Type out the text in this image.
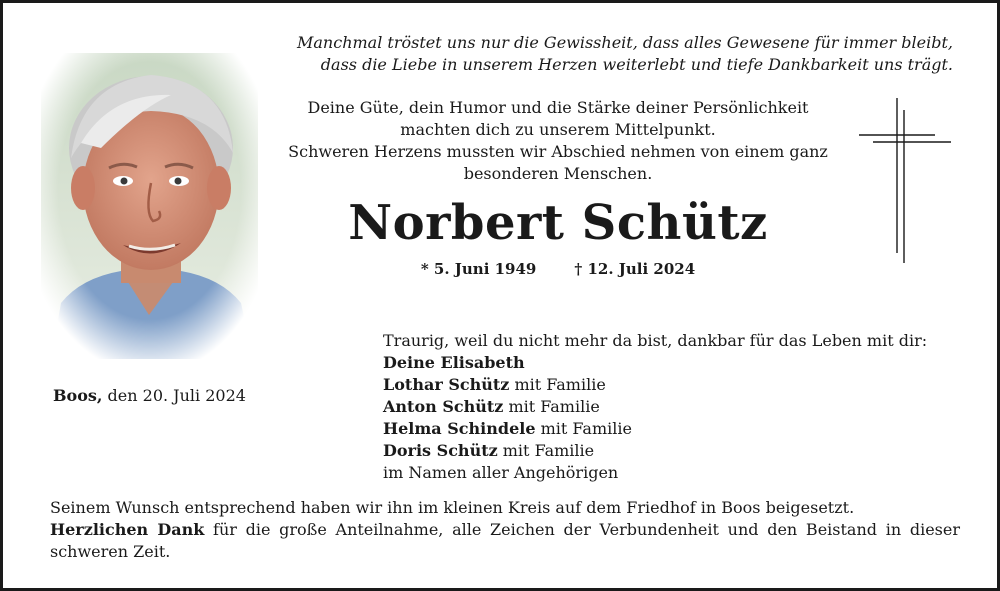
Manchmal tröstet uns nur die Gewissheit, dass alles Gewesene für immer bleibt,
dass die Liebe in unserem Herzen weiterlebt und tiefe Dankbarkeit uns trägt.
Deine Güte, dein Humor und die Stärke deiner Persönlichkeit
machten dich zu unserem Mittelpunkt.
Schweren Herzens mussten wir Abschied nehmen von einem ganz
besonderen Menschen.
Norbert Schütz
* 5. Juni 1949	† 12. Juli 2024
Boos, den 20. Juli 2024
Traurig, weil du nicht mehr da bist, dankbar für das Leben mit dir:
Deine Elisabeth
Lothar Schütz mit Familie
Anton Schütz mit Familie
Helma Schindele mit Familie
Doris Schütz mit Familie
im Namen aller Angehörigen
Seinem Wunsch entsprechend haben wir ihn im kleinen Kreis auf dem Friedhof in Boos beigesetzt.
Herzlichen Dank für die große Anteilnahme, alle Zeichen der Verbundenheit und den Beistand in dieser schweren Zeit.
